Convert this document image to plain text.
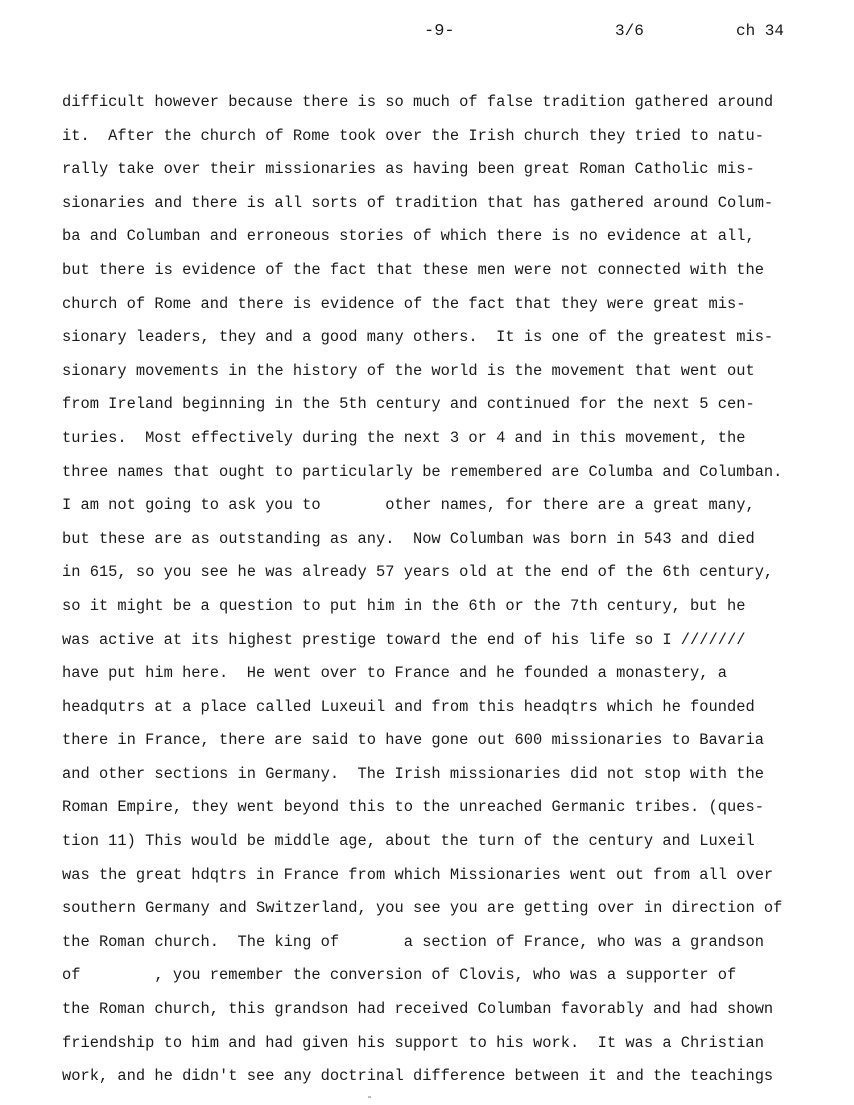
-9-	3/6	ch 34
difficult however because there is so much of false tradition gathered around
it.  After the church of Rome took over the Irish church they tried to natu-
rally take over their missionaries as having been great Roman Catholic mis-
sionaries and there is all sorts of tradition that has gathered around Colum-
ba and Columban and erroneous stories of which there is no evidence at all,
but there is evidence of the fact that these men were not connected with the
church of Rome and there is evidence of the fact that they were great mis-
sionary leaders, they and a good many others.  It is one of the greatest mis-
sionary movements in the history of the world is the movement that went out
from Ireland beginning in the 5th century and continued for the next 5 cen-
turies.  Most effectively during the next 3 or 4 and in this movement, the
three names that ought to particularly be remembered are Columba and Columban.
I am not going to ask you to       other names, for there are a great many,
but these are as outstanding as any.  Now Columban was born in 543 and died
in 615, so you see he was already 57 years old at the end of the 6th century,
so it might be a question to put him in the 6th or the 7th century, but he
was active at its highest prestige toward the end of his life so I ///////
have put him here.  He went over to France and he founded a monastery, a
headqutrs at a place called Luxeuil and from this headqtrs which he founded
there in France, there are said to have gone out 600 missionaries to Bavaria
and other sections in Germany.  The Irish missionaries did not stop with the
Roman Empire, they went beyond this to the unreached Germanic tribes. (ques-
tion 11) This would be middle age, about the turn of the century and Luxeil
was the great hdqtrs in France from which Missionaries went out from all over
southern Germany and Switzerland, you see you are getting over in direction of
the Roman church.  The king of       a section of France, who was a grandson
of        , you remember the conversion of Clovis, who was a supporter of
the Roman church, this grandson had received Columban favorably and had shown
friendship to him and had given his support to his work.  It was a Christian
work, and he didn't see any doctrinal difference between it and the teachings
